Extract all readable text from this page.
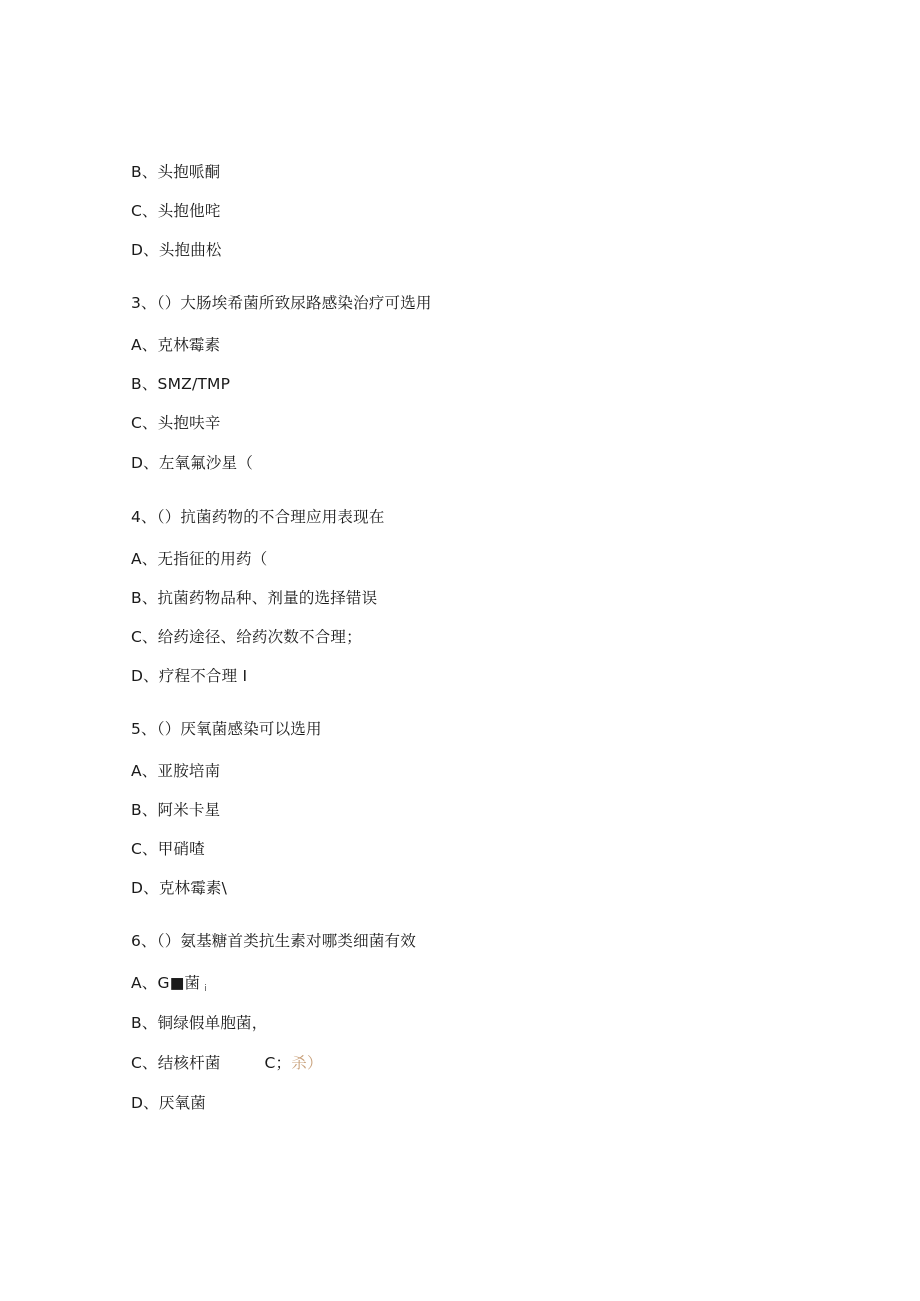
B、头抱哌酮
C、头抱他咤
D、头抱曲松
3、（）大肠埃希菌所致尿路感染治疗可选用
A、克林霉素
B、SMZ/TMP
C、头抱呋辛
D、左氧氟沙星（
4、（）抗菌药物的不合理应用表现在
A、无指征的用药（
B、抗菌药物品种、剂量的选择错误
C、给药途径、给药次数不合理；
D、疗程不合理 I
5、（）厌氧菌感染可以选用
A、亚胺培南
B、阿米卡星
C、甲硝喳
D、克林霉素\
6、（）氨基糖首类抗生素对哪类细菌有效
A、G■菌 i
B、铜绿假单胞菌，
C、结核杆菌	C；杀）
D、厌氧菌
